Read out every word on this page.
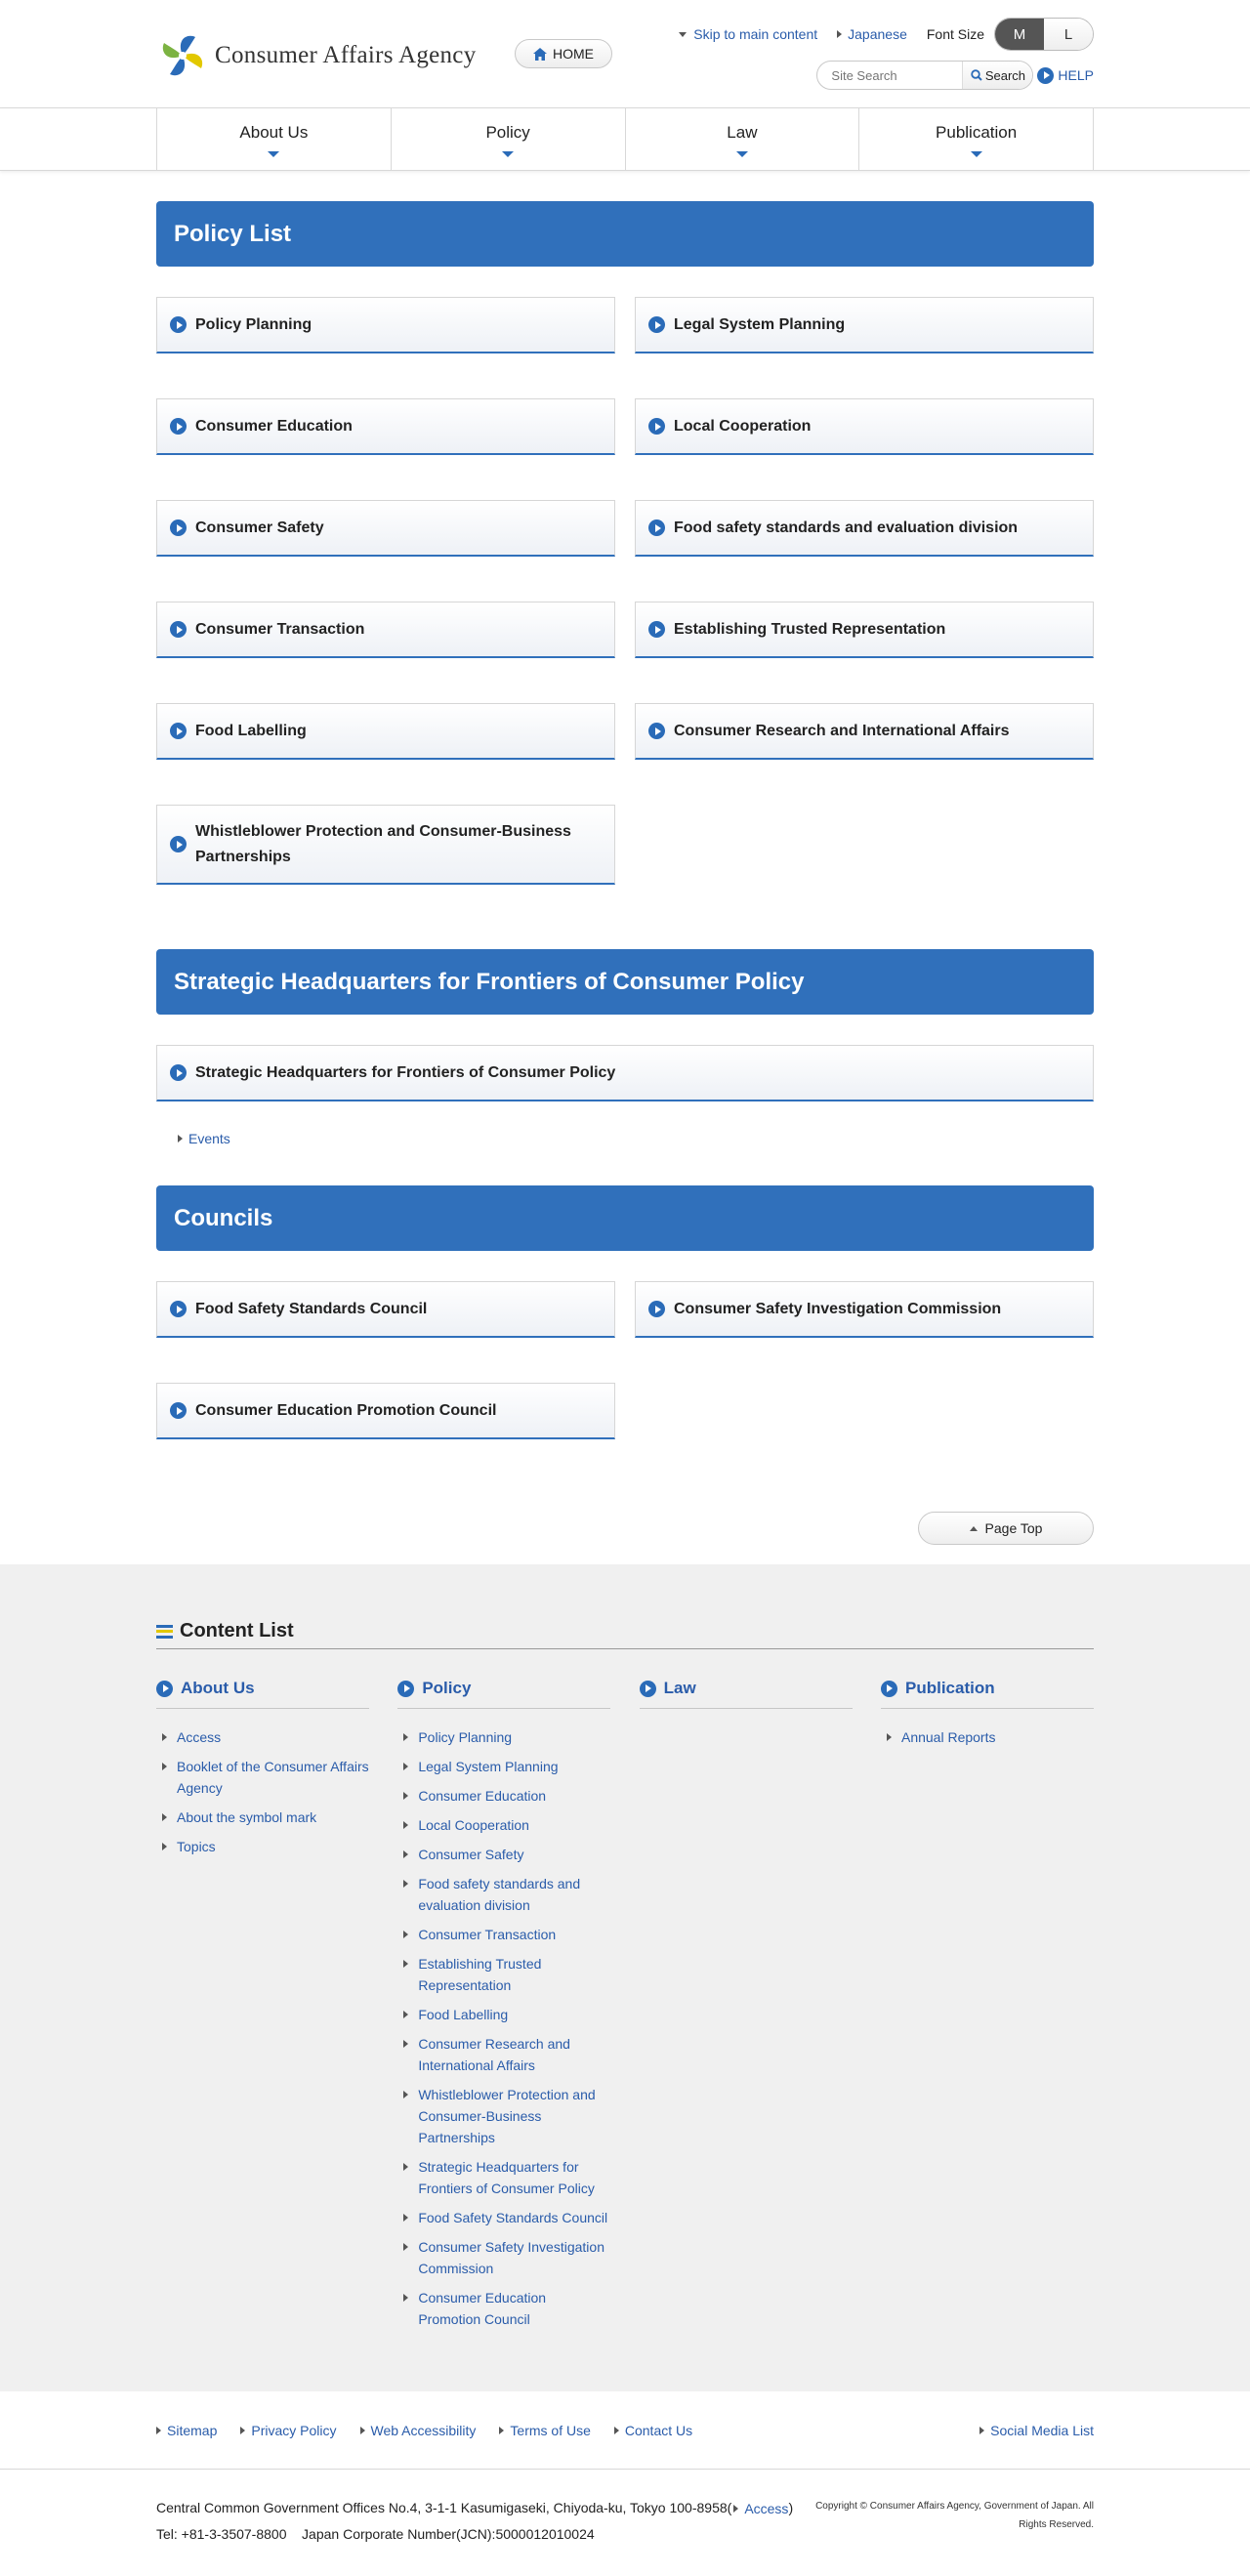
Consumer Affairs Agency	HOME
Skip to main content Japanese Font Size	M	L
Site Search
Search HELP
About Us	Policy	Law	Publication
Policy List
Policy Planning	Legal System Planning
Consumer Education	Local Cooperation
Consumer Safety	Food safety standards and evaluation division
Consumer Transaction	Establishing Trusted Representation
Food Labelling	Consumer Research and International Affairs
Whistleblower Protection and Consumer-Business Partnerships
Strategic Headquarters for Frontiers of Consumer Policy
Strategic Headquarters for Frontiers of Consumer Policy
Events
Councils
Food Safety Standards Council	Consumer Safety Investigation Commission
Consumer Education Promotion Council
Page Top
Content List
About Us
Access
Booklet of the Consumer Affairs Agency
About the symbol mark
Topics
Policy
Policy Planning
Legal System Planning
Consumer Education
Local Cooperation
Consumer Safety
Food safety standards and evaluation division
Consumer Transaction
Establishing Trusted Representation
Food Labelling
Consumer Research and International Affairs
Whistleblower Protection and Consumer-Business Partnerships
Strategic Headquarters for Frontiers of Consumer Policy
Food Safety Standards Council
Consumer Safety Investigation Commission
Consumer Education Promotion Council
Law	Publication
Annual Reports
Sitemap	Privacy Policy	Web Accessibility	Terms of Use	Contact Us	Social Media List
Central Common Government Offices No.4, 3-1-1 Kasumigaseki, Chiyoda-ku, Tokyo 100-8958( Access )
Tel: +81-3-3507-8800    Japan Corporate Number(JCN):5000012010024
Copyright © Consumer Affairs Agency, Government of Japan. All Rights Reserved.
